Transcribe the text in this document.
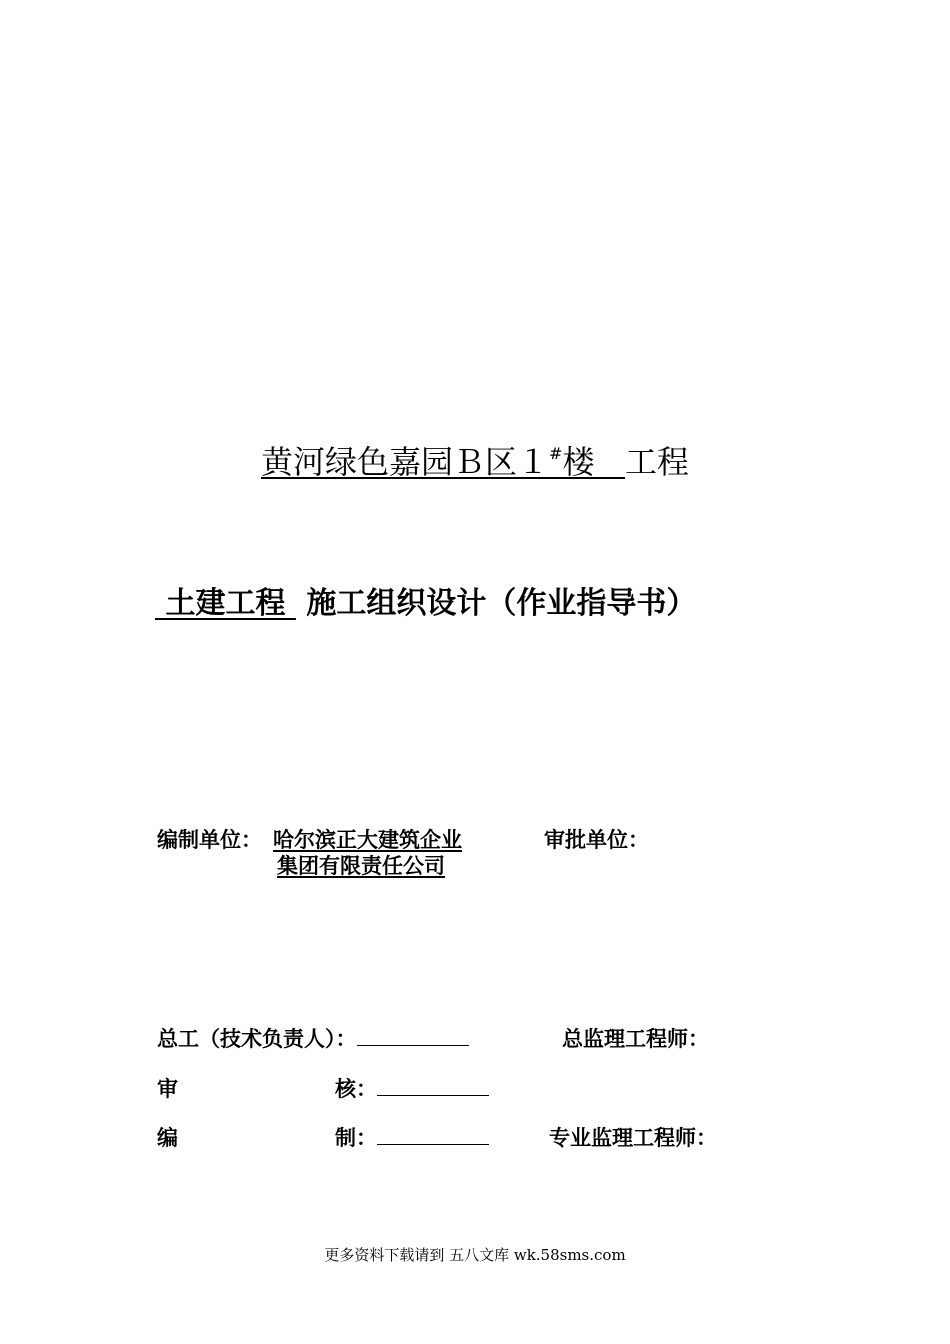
黄河绿色嘉园Ｂ区１#楼 工程
土建工程 施工组织设计（作业指导书）
编制单位： 哈尔滨正大建筑企业
集团有限责任公司
审批单位：
总工（技术负责人）：	总监理工程师：
审	核：
编	制：	专业监理工程师：
更多资料下载请到 五八文库 wk.58sms.com
